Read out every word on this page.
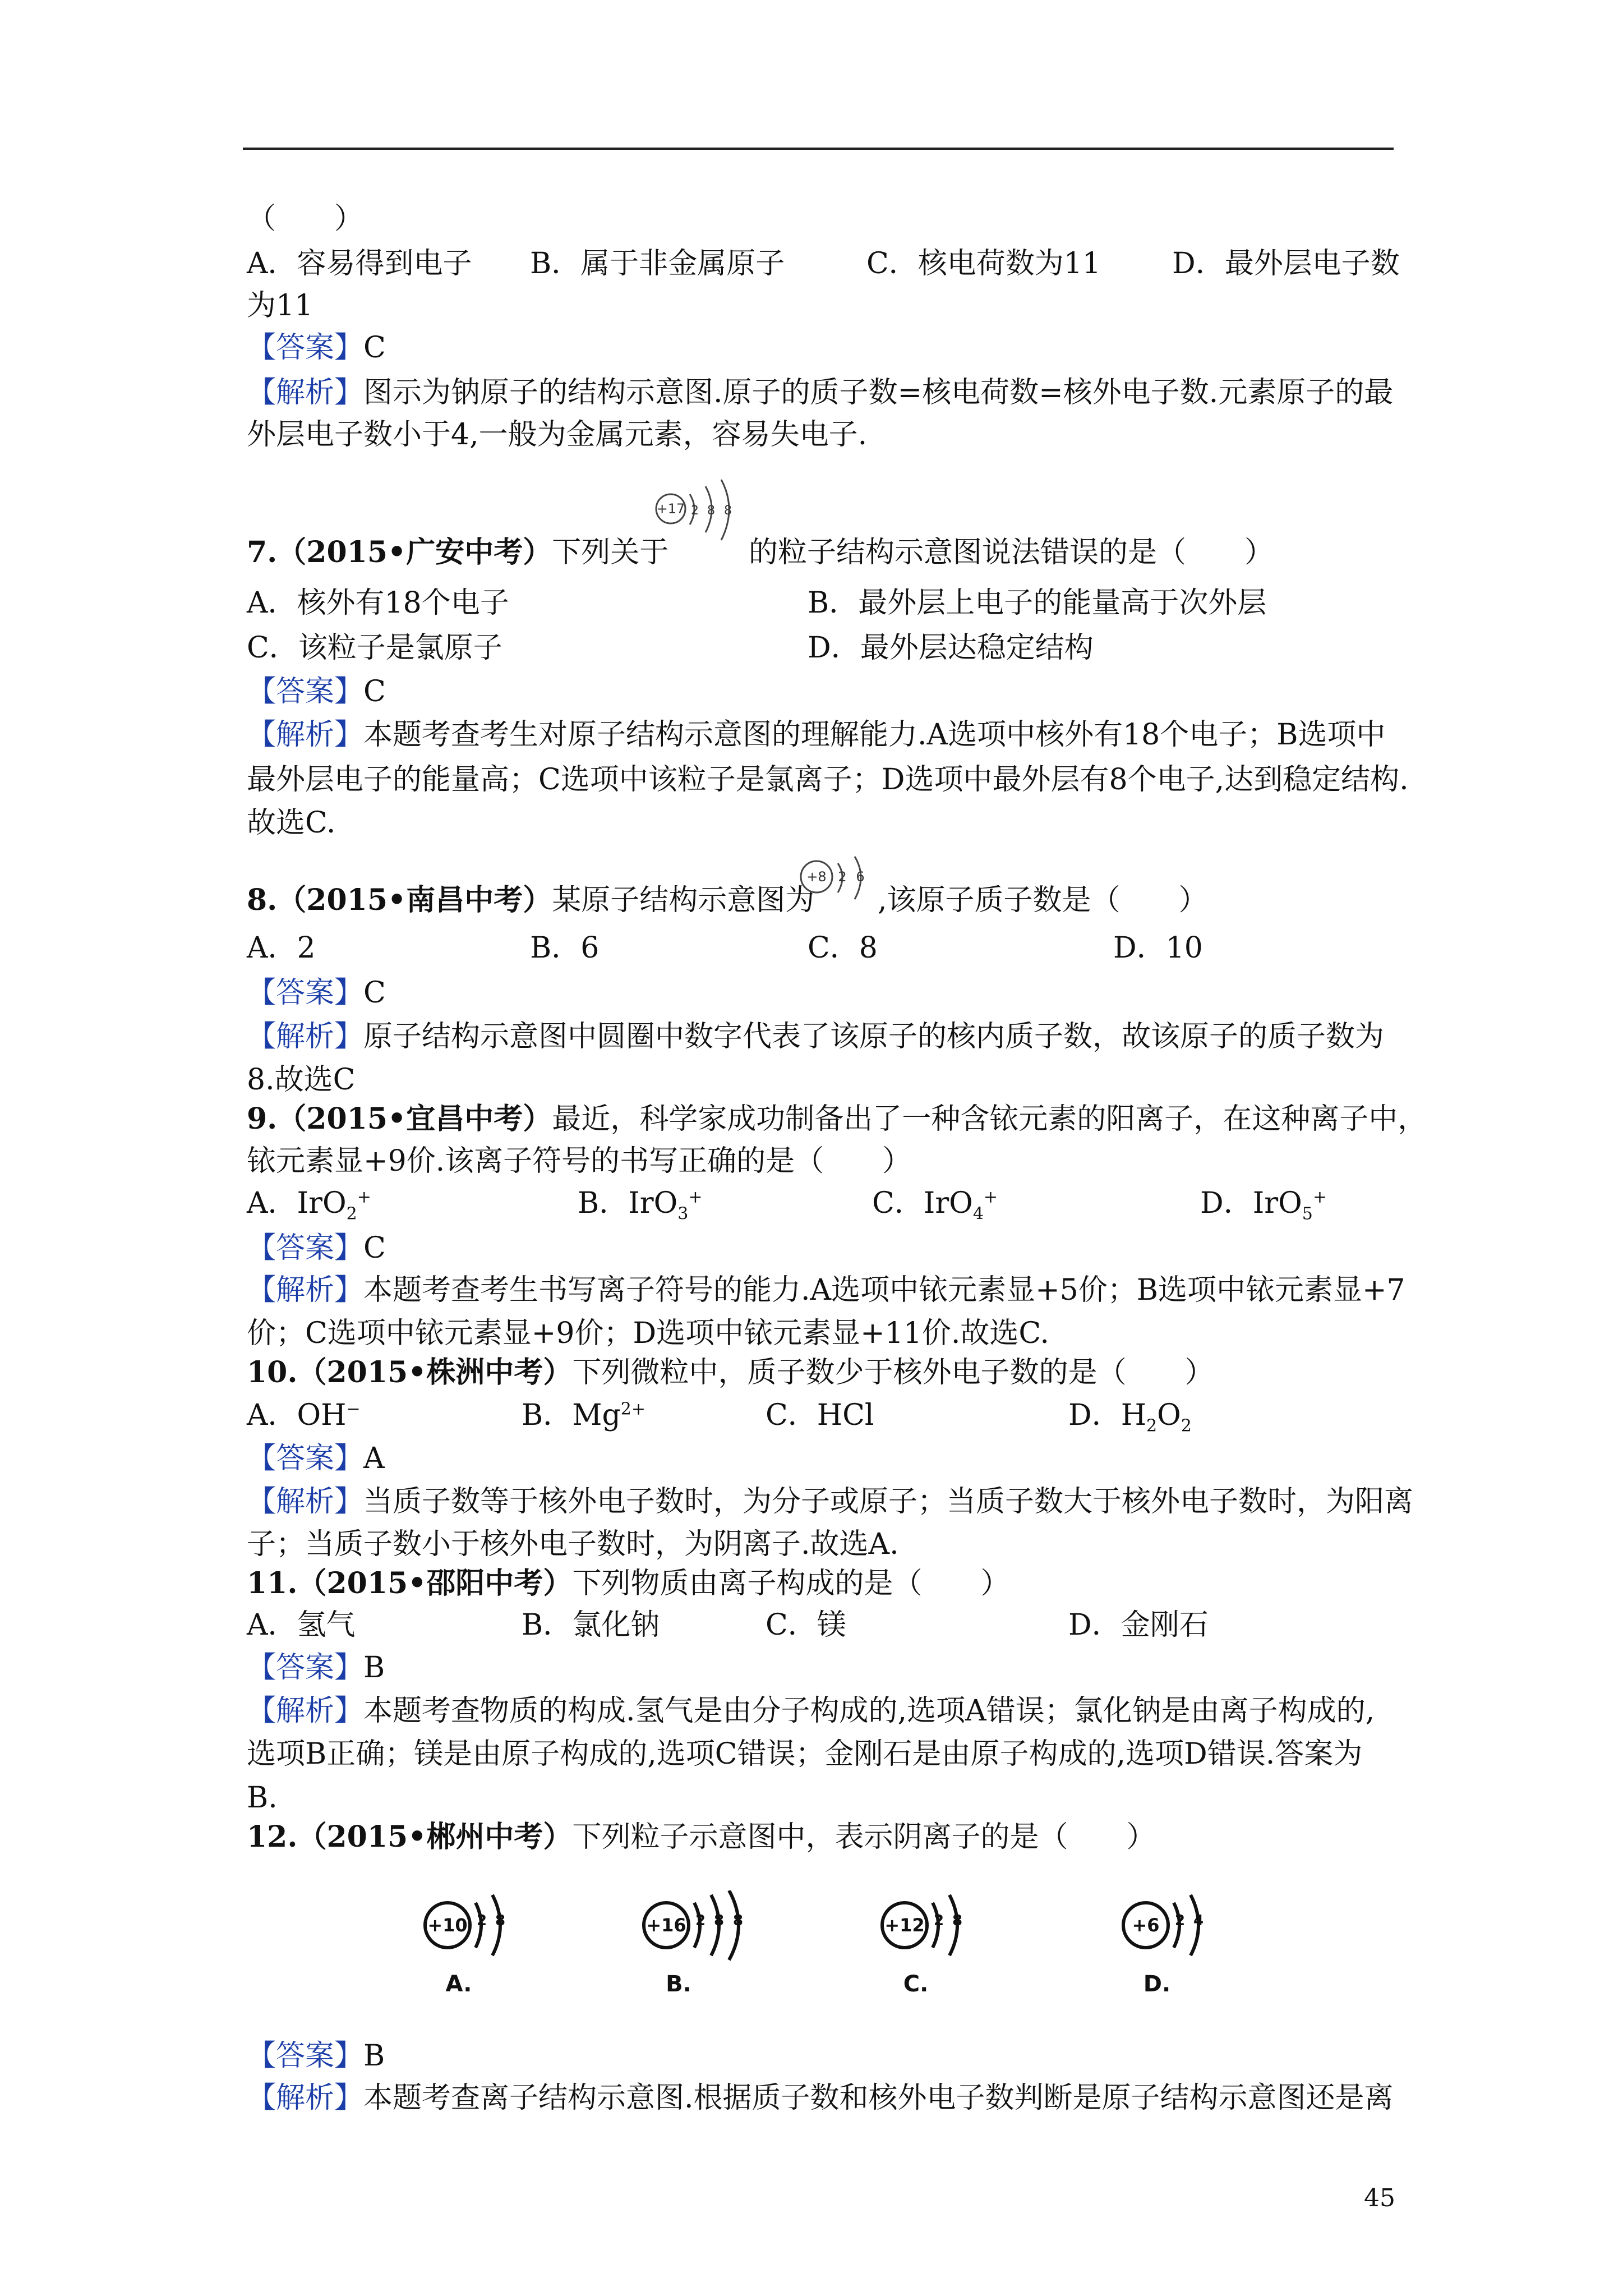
（　　）
A．容易得到电子 B．属于非金属原子	C．核电荷数为11 D．最外层电子数
为11
【答案】C
【解析】图示为钠原子的结构示意图.原子的质子数=核电荷数=核外电子数.元素原子的最
外层电子数小于4,一般为金属元素，容易失电子.
7.（2015•广安中考）下列关于
+17 2 8 8
的粒子结构示意图说法错误的是（　　）
A．核外有18个电子	B．最外层上电子的能量高于次外层
C．该粒子是氯原子	D．最外层达稳定结构
【答案】C
【解析】本题考查考生对原子结构示意图的理解能力.A选项中核外有18个电子；B选项中
最外层电子的能量高；C选项中该粒子是氯离子；D选项中最外层有8个电子,达到稳定结构.
故选C.
8.（2015•南昌中考）某原子结构示意图为
+8 2 6
,该原子质子数是（　　）
A．2	B．6	C．8	D．10
【答案】C
【解析】原子结构示意图中圆圈中数字代表了该原子的核内质子数，故该原子的质子数为
8.故选C
9.（2015•宜昌中考）最近，科学家成功制备出了一种含铱元素的阳离子，在这种离子中，
铱元素显+9价.该离子符号的书写正确的是（　　）
A．IrO$_2$+	B．IrO$_3$+	C．IrO$_4$+	D．IrO$_5$+
【答案】C
【解析】本题考查考生书写离子符号的能力.A选项中铱元素显+5价；B选项中铱元素显+7
价；C选项中铱元素显+9价；D选项中铱元素显+11价.故选C.
10.（2015•株洲中考）下列微粒中，质子数少于核外电子数的是（　　）
A．OH−	B．$Mg^{2+}$	C．HCl	D．$H_2O_2$
【答案】A
【解析】当质子数等于核外电子数时，为分子或原子；当质子数大于核外电子数时，为阳离
子；当质子数小于核外电子数时，为阴离子.故选A.
11.（2015•邵阳中考）下列物质由离子构成的是（　　）
A．氢气	B．氯化钠	C．镁	D．金刚石
【答案】B
【解析】本题考查物质的构成.氢气是由分子构成的,选项A错误；氯化钠是由离子构成的,
选项B正确；镁是由原子构成的,选项C错误；金刚石是由原子构成的,选项D错误.答案为
B.
12.（2015•郴州中考）下列粒子示意图中，表示阴离子的是（　　）
+10 2 8
A.
+16 2 8 8
B.
+12 2 8
C.
+6 2 4
D.
【答案】B
【解析】本题考查离子结构示意图.根据质子数和核外电子数判断是原子结构示意图还是离
45
